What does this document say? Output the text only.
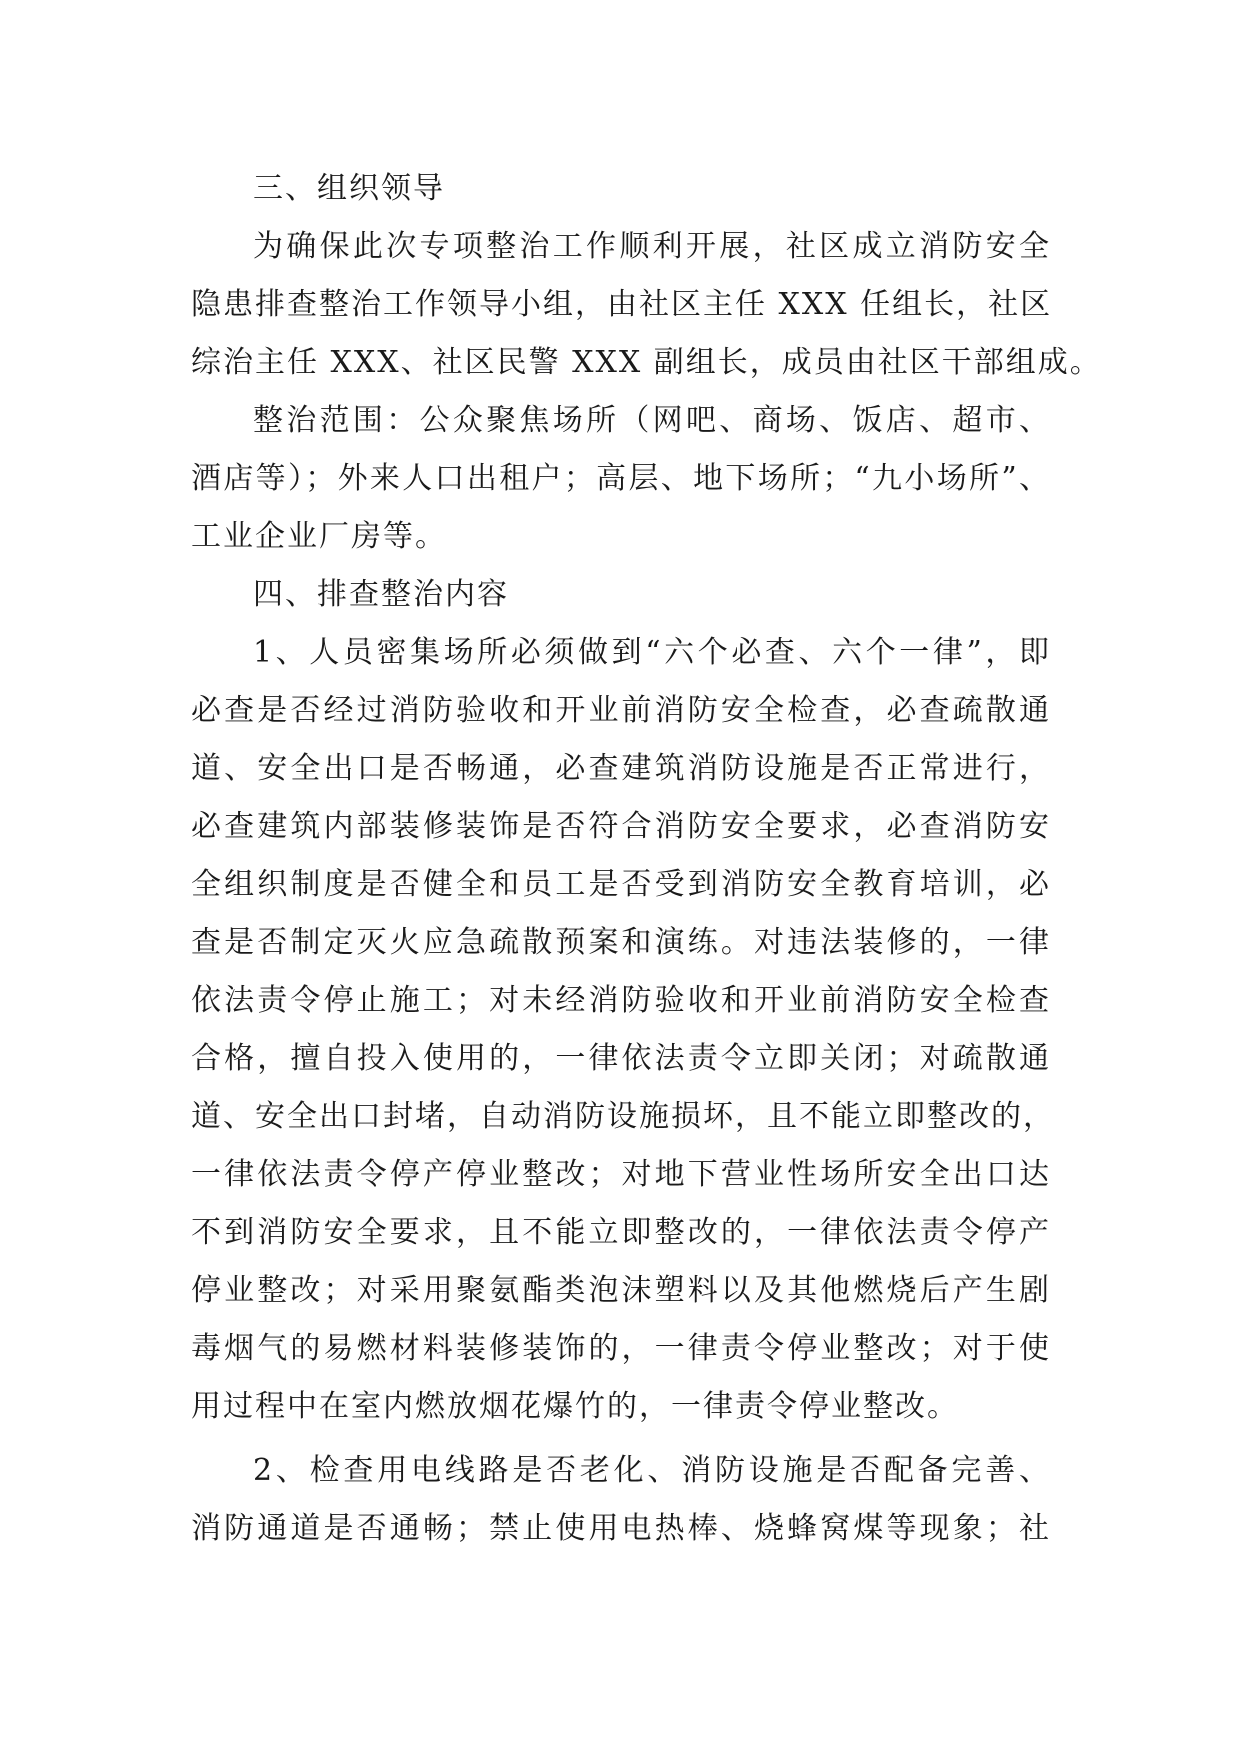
三、组织领导
为确保此次专项整治工作顺利开展，社区成立消防安全
隐患排查整治工作领导小组，由社区主任 XXX 任组长，社区
综治主任 XXX、社区民警 XXX 副组长，成员由社区干部组成。
整治范围：公众聚焦场所（网吧、商场、饭店、超市、
酒店等）；外来人口出租户；高层、地下场所；“九小场所”、
工业企业厂房等。
四、排查整治内容
1、人员密集场所必须做到“六个必查、六个一律”，即
必查是否经过消防验收和开业前消防安全检查，必查疏散通
道、安全出口是否畅通，必查建筑消防设施是否正常进行，
必查建筑内部装修装饰是否符合消防安全要求，必查消防安
全组织制度是否健全和员工是否受到消防安全教育培训，必
查是否制定灭火应急疏散预案和演练。对违法装修的，一律
依法责令停止施工；对未经消防验收和开业前消防安全检查
合格，擅自投入使用的，一律依法责令立即关闭；对疏散通
道、安全出口封堵，自动消防设施损坏，且不能立即整改的，
一律依法责令停产停业整改；对地下营业性场所安全出口达
不到消防安全要求，且不能立即整改的，一律依法责令停产
停业整改；对采用聚氨酯类泡沫塑料以及其他燃烧后产生剧
毒烟气的易燃材料装修装饰的，一律责令停业整改；对于使
用过程中在室内燃放烟花爆竹的，一律责令停业整改。
2、检查用电线路是否老化、消防设施是否配备完善、
消防通道是否通畅；禁止使用电热棒、烧蜂窝煤等现象；社
